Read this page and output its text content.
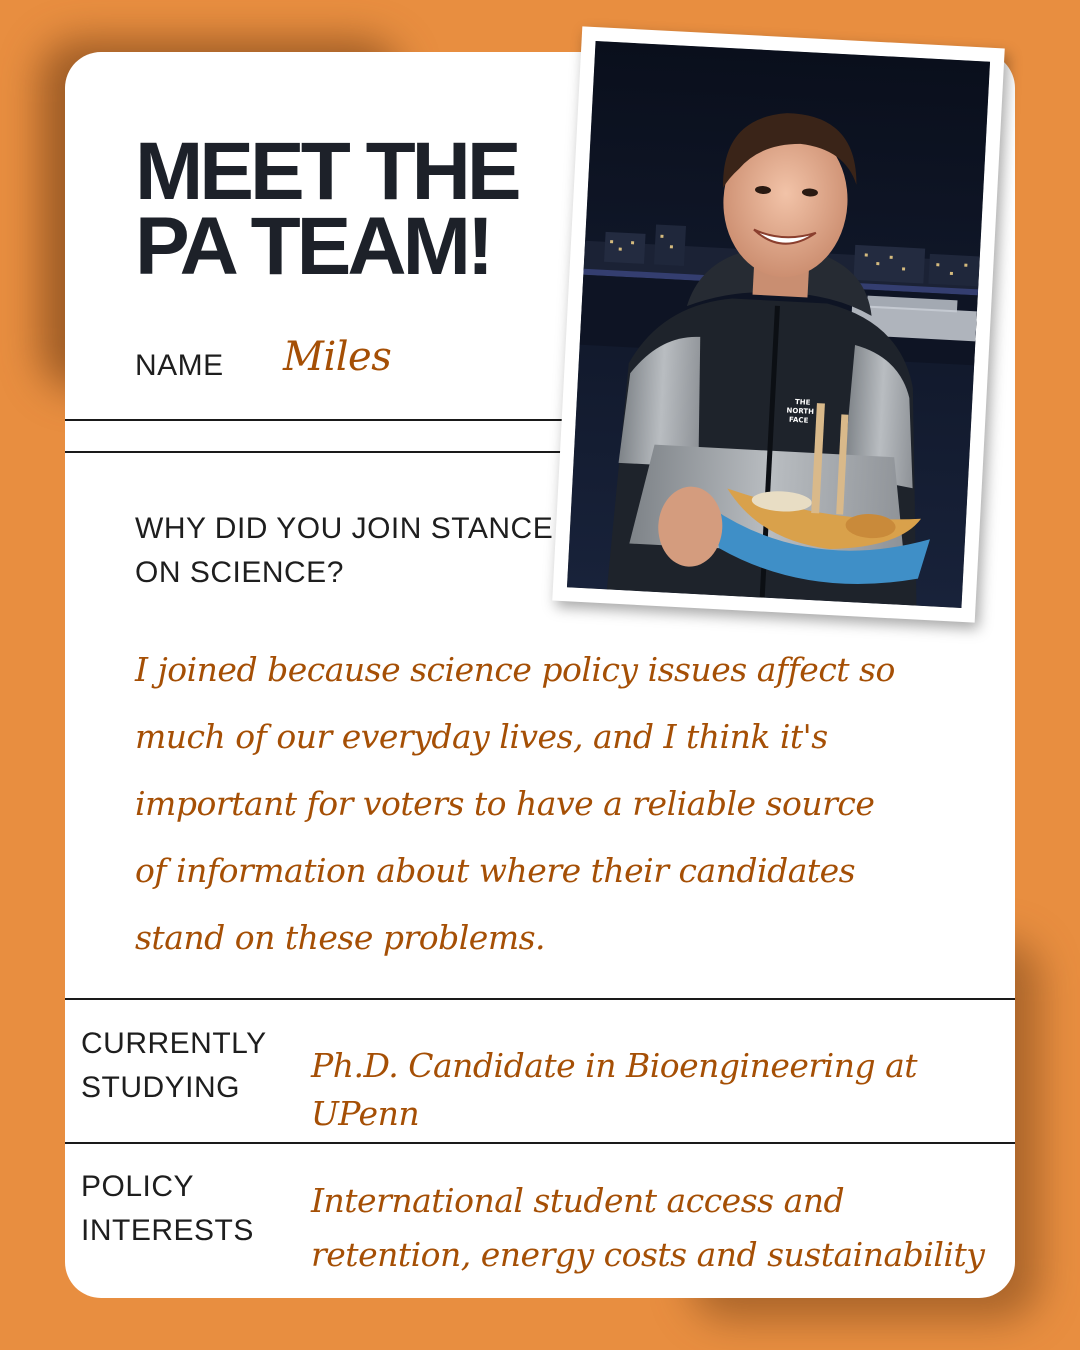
MEET THE
PA TEAM!
NAME Miles
WHY DID YOU JOIN STANCE ON SCIENCE?
I joined because science policy issues affect so much of our everyday lives, and I think it's important for voters to have a reliable source of information about where their candidates stand on these problems.
CURRENTLY STUDYING
Ph.D. Candidate in Bioengineering at UPenn
POLICY INTERESTS
International student access and retention, energy costs and sustainability
THE
NORTH
FACE
